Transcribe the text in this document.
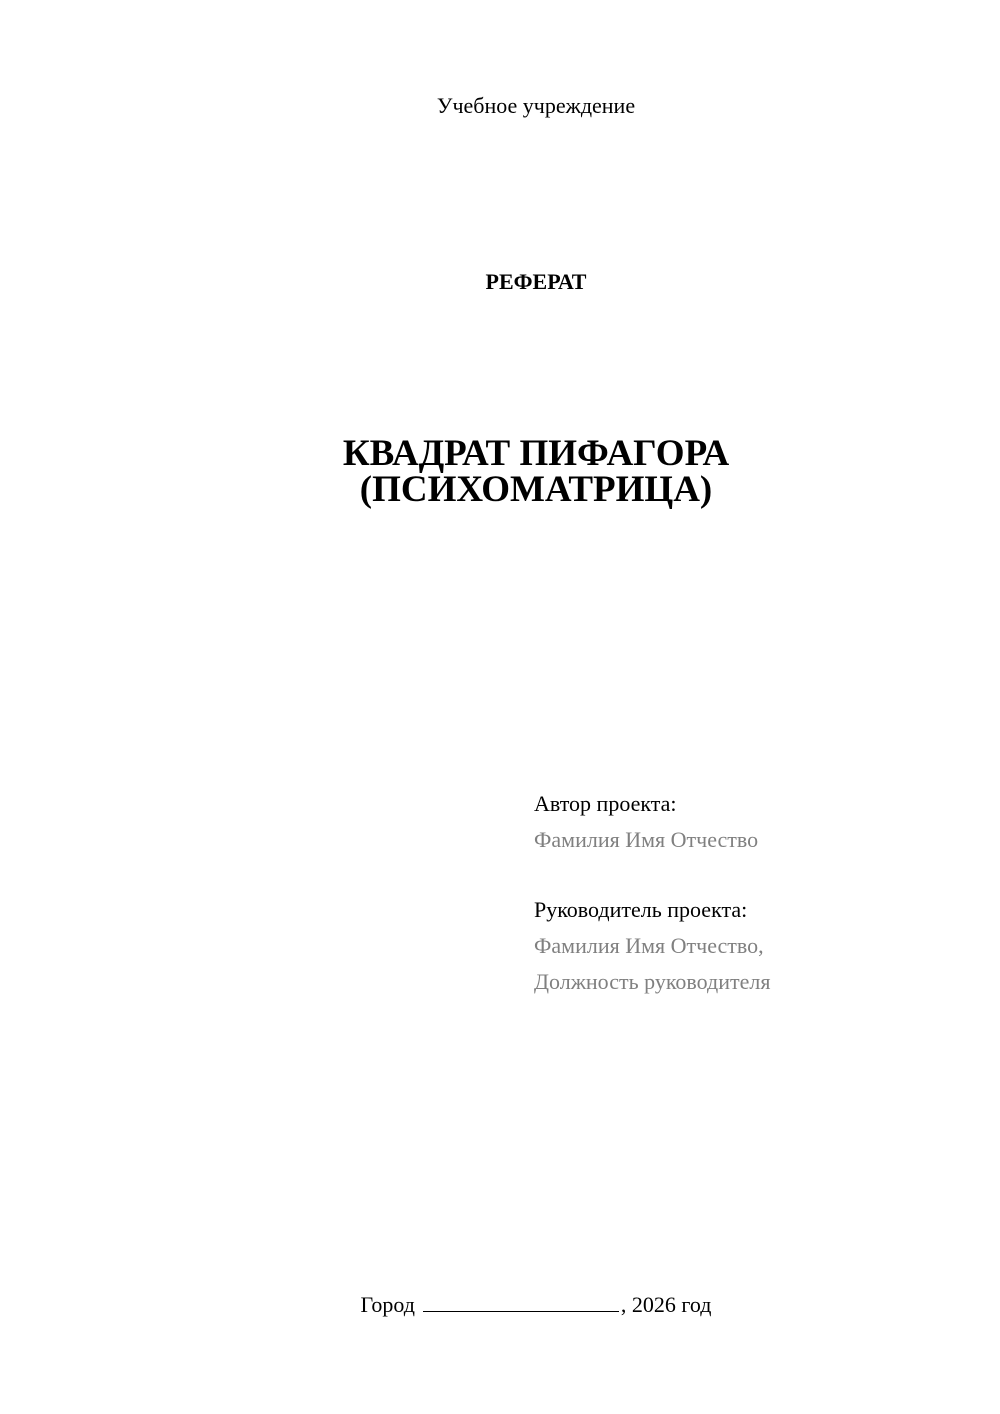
Учебное учреждение
РЕФЕРАТ
КВАДРАТ ПИФАГОРА
(ПСИХОМАТРИЦА)
Автор проекта:
Фамилия Имя Отчество
Руководитель проекта:
Фамилия Имя Отчество,
Должность руководителя
Город	, 2026 год
